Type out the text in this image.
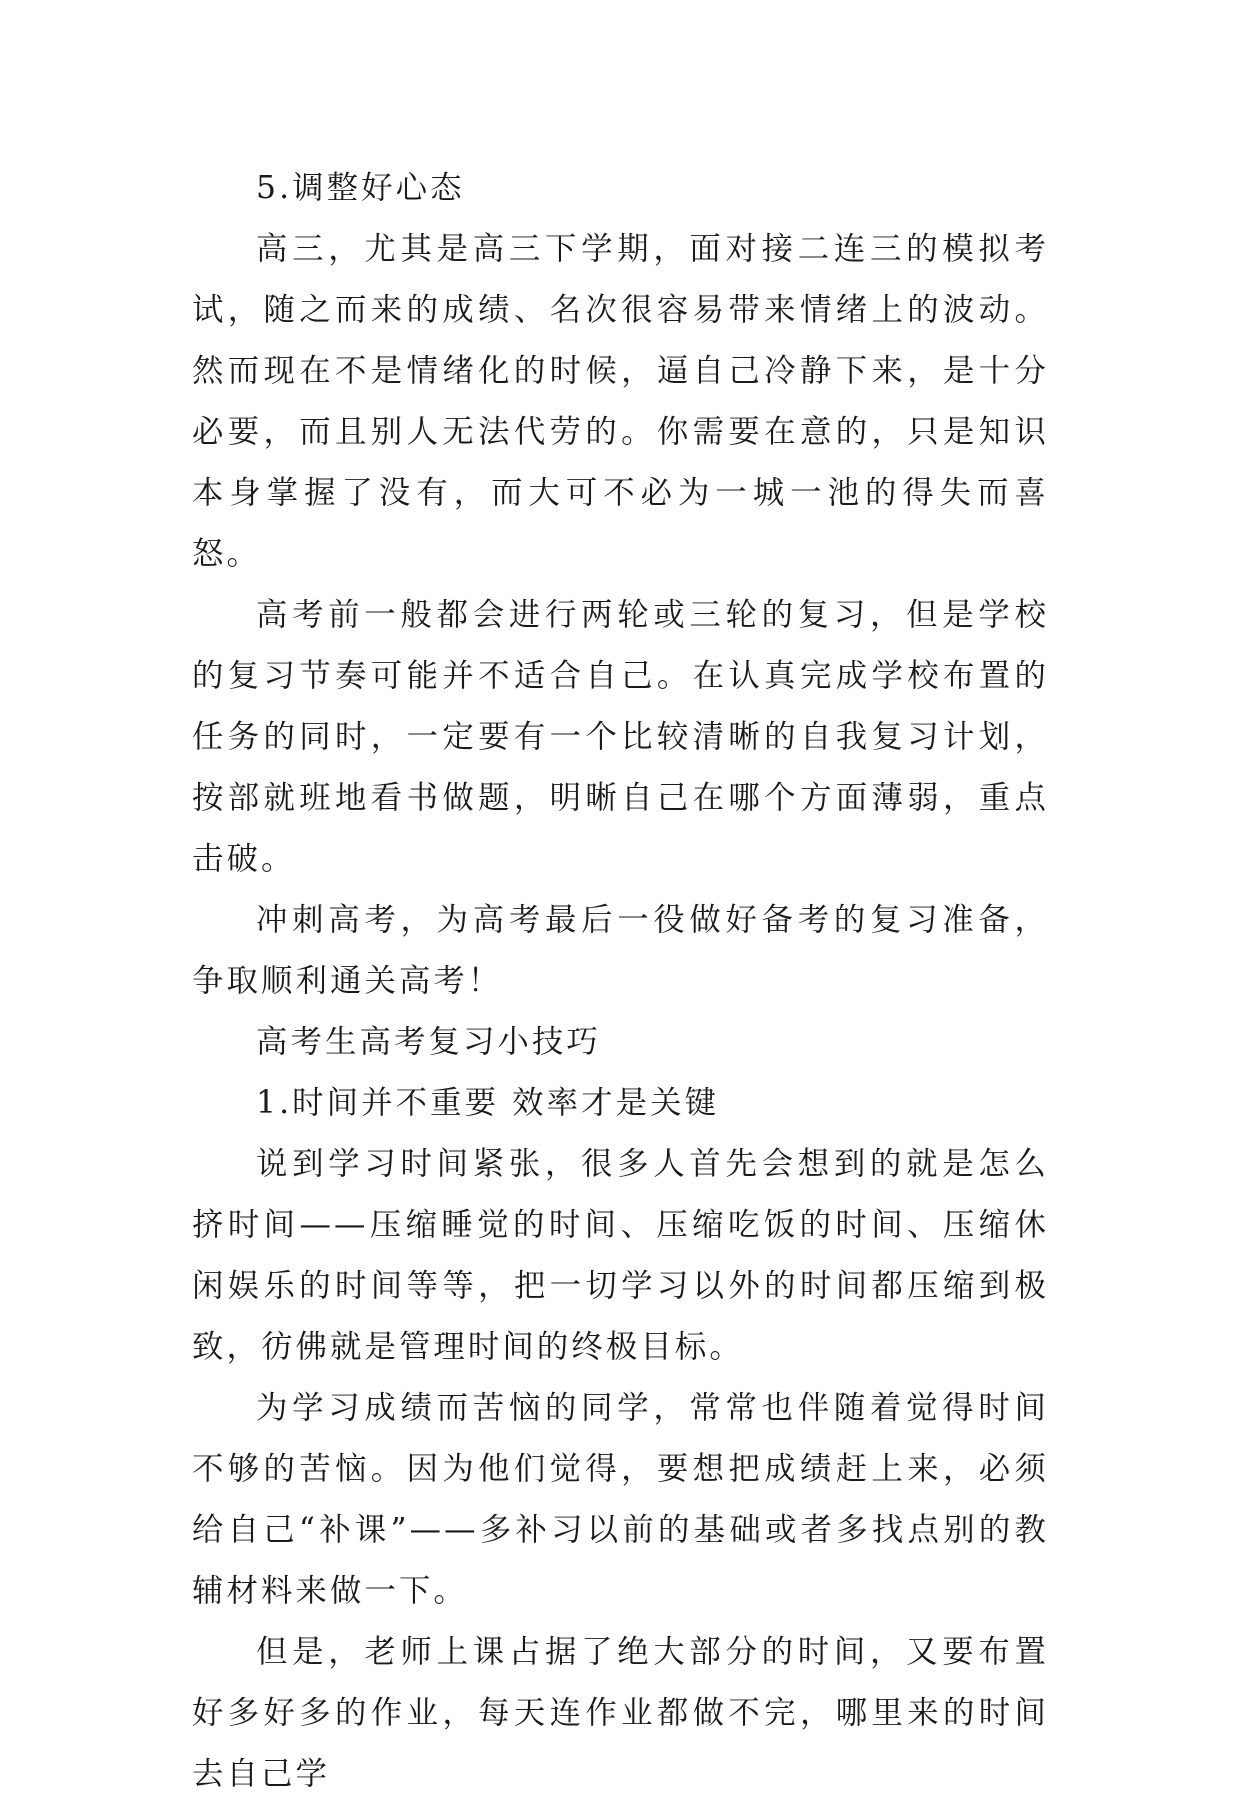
5.调整好心态

高三，尤其是高三下学期，面对接二连三的模拟考试，随之而来的成绩、名次很容易带来情绪上的波动。然而现在不是情绪化的时候，逼自己冷静下来，是十分必要，而且别人无法代劳的。你需要在意的，只是知识本身掌握了没有，而大可不必为一城一池的得失而喜怒。

高考前一般都会进行两轮或三轮的复习，但是学校的复习节奏可能并不适合自己。在认真完成学校布置的任务的同时，一定要有一个比较清晰的自我复习计划，按部就班地看书做题，明晰自己在哪个方面薄弱，重点击破。

冲刺高考，为高考最后一役做好备考的复习准备，争取顺利通关高考！

高考生高考复习小技巧

1.时间并不重要 效率才是关键

说到学习时间紧张，很多人首先会想到的就是怎么挤时间——压缩睡觉的时间、压缩吃饭的时间、压缩休闲娱乐的时间等等，把一切学习以外的时间都压缩到极致，彷佛就是管理时间的终极目标。

为学习成绩而苦恼的同学，常常也伴随着觉得时间不够的苦恼。因为他们觉得，要想把成绩赶上来，必须给自己“补课”——多补习以前的基础或者多找点别的教辅材料来做一下。

但是，老师上课占据了绝大部分的时间，又要布置好多好多的作业，每天连作业都做不完，哪里来的时间去自己学
